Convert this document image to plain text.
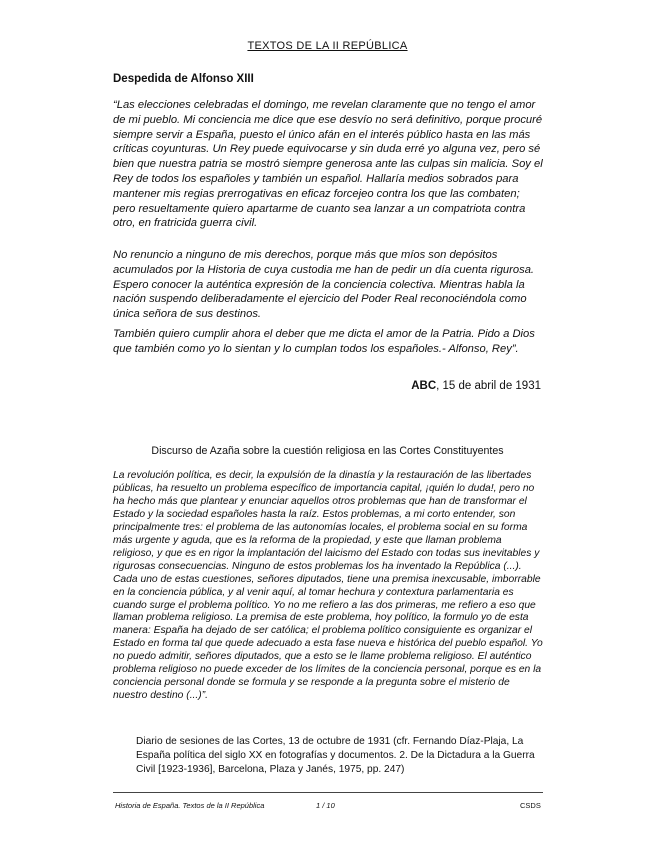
TEXTOS DE LA II REPÚBLICA
Despedida de Alfonso XIII

“Las elecciones celebradas el domingo, me revelan claramente que no tengo el amor de mi pueblo. Mi conciencia me dice que ese desvío no será definitivo, porque procuré siempre servir a España, puesto el único afán en el interés público hasta en las más críticas coyunturas. Un Rey puede equivocarse y sin duda erré yo alguna vez, pero sé bien que nuestra patria se mostró siempre generosa ante las culpas sin malicia. Soy el Rey de todos los españoles y también un español. Hallaría medios sobrados para mantener mis regias prerrogativas en eficaz forcejeo contra los que las combaten; pero resueltamente quiero apartarme de cuanto sea lanzar a un compatriota contra otro, en fratricida guerra civil.

No renuncio a ninguno de mis derechos, porque más que míos son depósitos acumulados por la Historia de cuya custodia me han de pedir un día cuenta rigurosa. Espero conocer la auténtica expresión de la conciencia colectiva. Mientras habla la nación suspendo deliberadamente el ejercicio del Poder Real reconociéndola como única señora de sus destinos.

También quiero cumplir ahora el deber que me dicta el amor de la Patria. Pido a Dios que también como yo lo sientan y lo cumplan todos los españoles.- Alfonso, Rey”.

ABC, 15 de abril de 1931
Discurso de Azaña sobre la cuestión religiosa en las Cortes Constituyentes

La revolución política, es decir, la expulsión de la dinastía y la restauración de las libertades públicas, ha resuelto un problema específico de importancia capital, ¡quién lo duda!, pero no ha hecho más que plantear y enunciar aquellos otros problemas que han de transformar el Estado y la sociedad españoles hasta la raíz. Estos problemas, a mi corto entender, son principalmente tres: el problema de las autonomías locales, el problema social en su forma más urgente y aguda, que es la reforma de la propiedad, y este que llaman problema religioso, y que es en rigor la implantación del laicismo del Estado con todas sus inevitables y rigurosas consecuencias. Ninguno de estos problemas los ha inventado la República (...). Cada uno de estas cuestiones, señores diputados, tiene una premisa inexcusable, imborrable en la conciencia pública, y al venir aquí, al tomar hechura y contextura parlamentaria es cuando surge el problema político. Yo no me refiero a las dos primeras, me refiero a eso que llaman problema religioso. La premisa de este problema, hoy político, la formulo yo de esta manera: España ha dejado de ser católica; el problema político consiguiente es organizar el Estado en forma tal que quede adecuado a esta fase nueva e histórica del pueblo español. Yo no puedo admitir, señores diputados, que a esto se le llame problema religioso. El auténtico problema religioso no puede exceder de los límites de la conciencia personal, porque es en la conciencia personal donde se formula y se responde a la pregunta sobre el misterio de nuestro destino (...)”.

Diario de sesiones de las Cortes, 13 de octubre de 1931 (cfr. Fernando Díaz-Plaja, La España política del siglo XX en fotografías y documentos. 2. De la Dictadura a la Guerra Civil [1923-1936], Barcelona, Plaza y Janés, 1975, pp. 247)

Historia de España. Textos de la II República	1 / 10	CSDS
